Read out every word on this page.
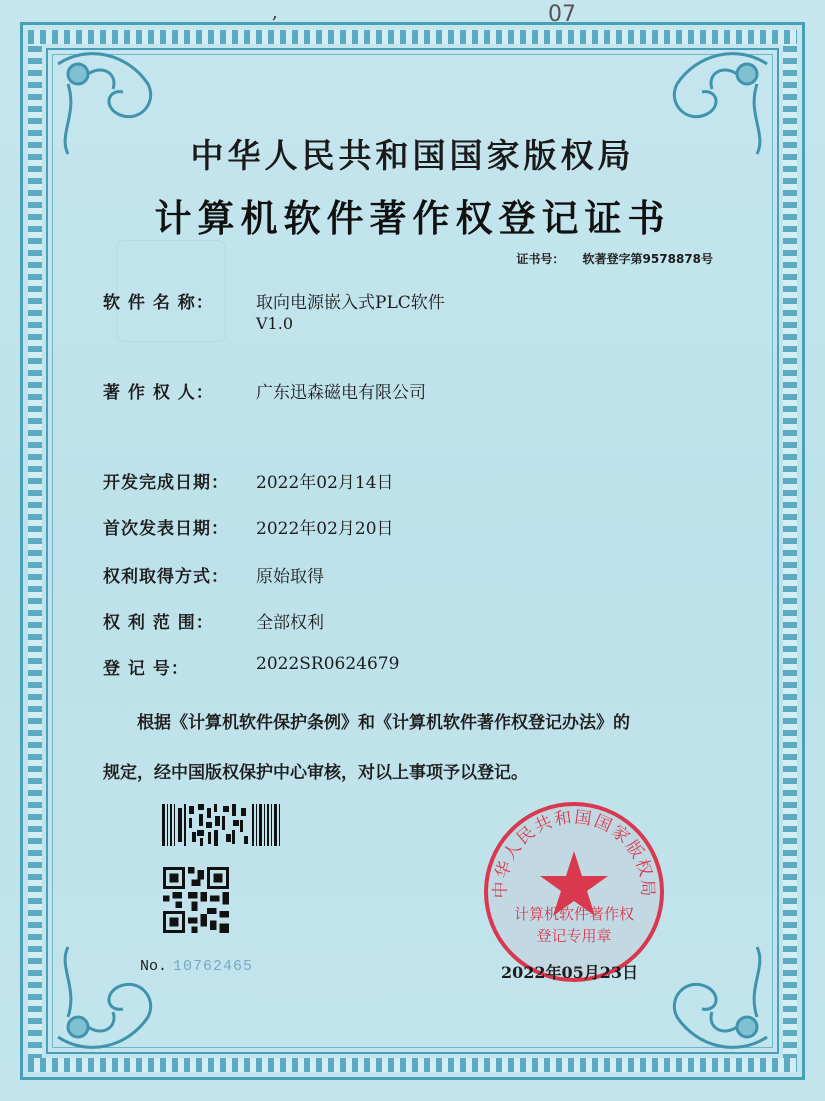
,	07
中华人民共和国国家版权局
计算机软件著作权登记证书
证书号： 软著登字第9578878号
软 件 名 称： 取向电源嵌入式PLC软件
V1.0
著 作 权 人： 广东迅森磁电有限公司
开发完成日期： 2022年02月14日
首次发表日期： 2022年02月20日
权利取得方式： 原始取得
权 利 范 围： 全部权利
登 记 号：	2022SR0624679
根据《计算机软件保护条例》和《计算机软件著作权登记办法》的
规定，经中国版权保护中心审核，对以上事项予以登记。
No. 10762465
中华人民共和国国家版权局
计算机软件著作权
登记专用章
2022年05月23日
